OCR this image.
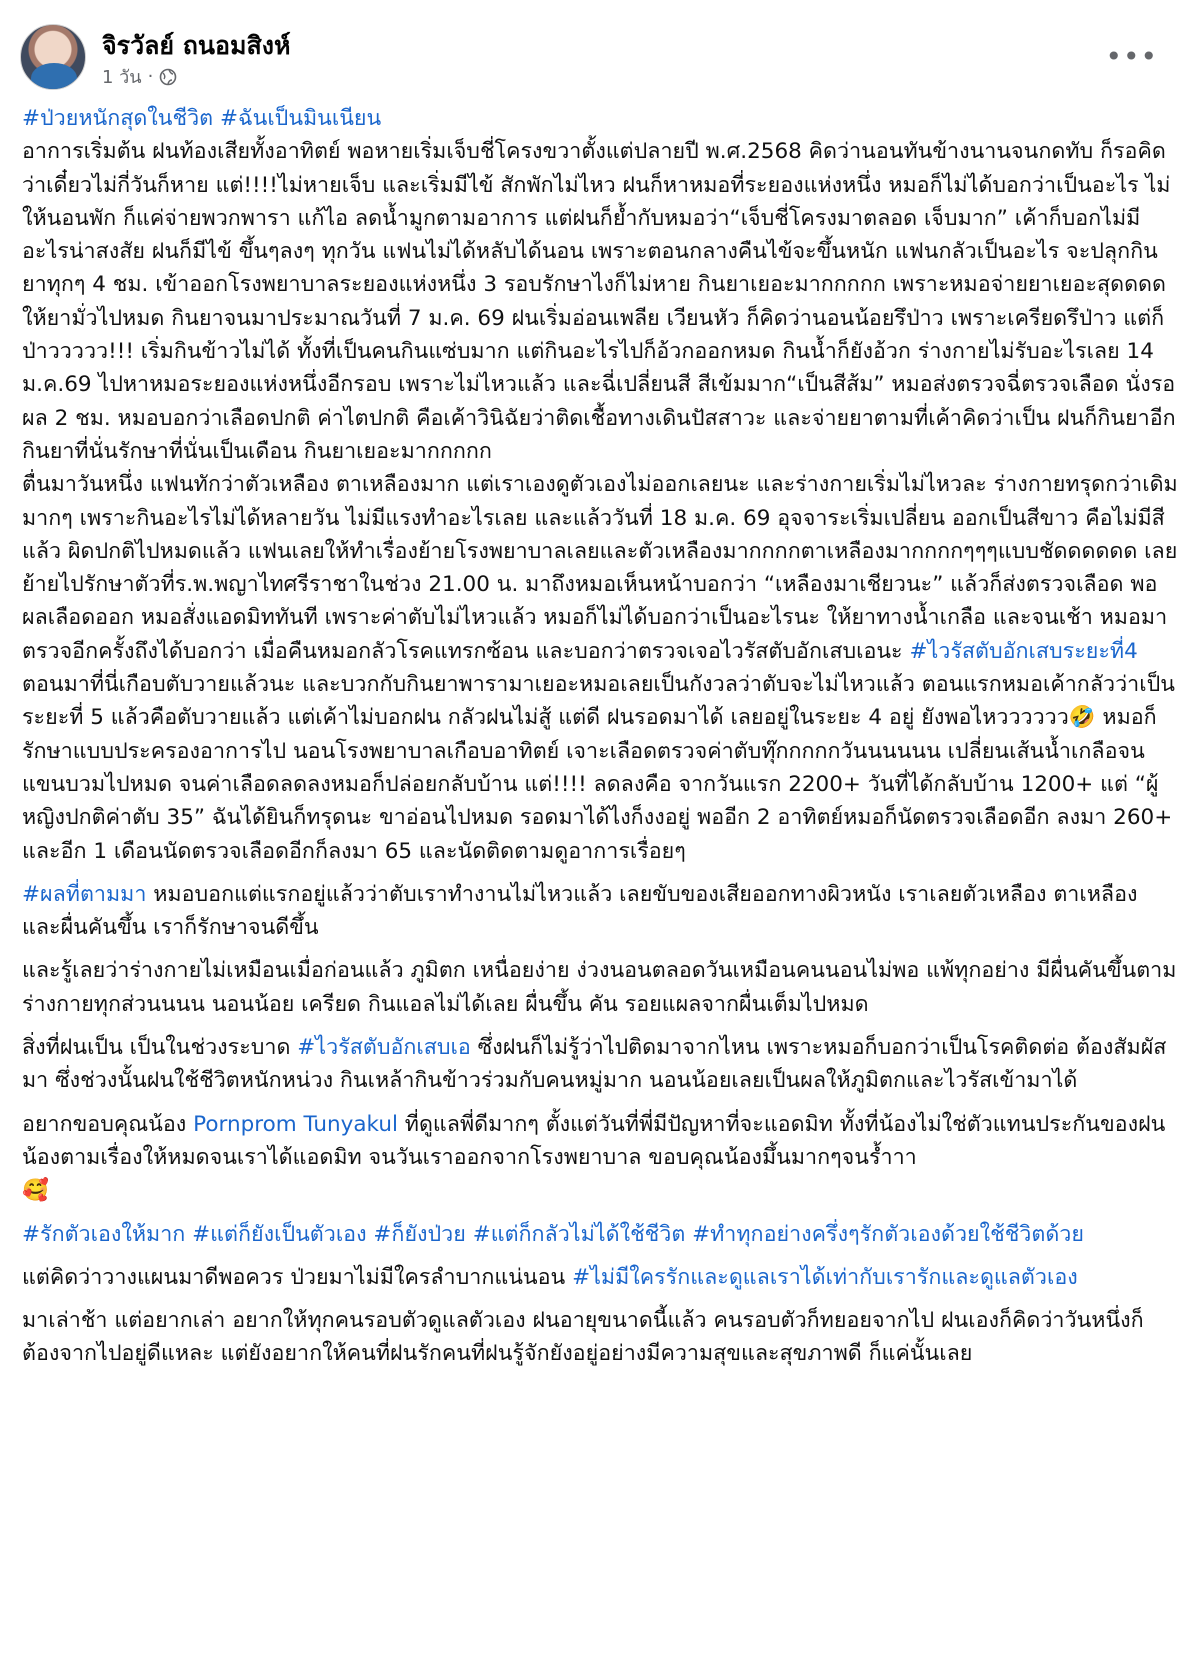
จิรวัลย์ ถนอมสิงห์
1 วัน ·
•••

#ป่วยหนักสุดในชีวิต #ฉันเป็นมินเนียน
อาการเริ่มต้น ฝนท้องเสียทั้งอาทิตย์ พอหายเริ่มเจ็บชี่โครงขวาตั้งแต่ปลายปี พ.ศ.2568 คิดว่านอนทันข้างนานจนกดทับ ก็รอคิดว่าเดี๋ยวไม่กี่วันก็หาย แต่!!!!ไม่หายเจ็บ และเริ่มมีไข้ สักพักไม่ไหว ฝนก็หาหมอที่ระยองแห่งหนึ่ง หมอก็ไม่ได้บอกว่าเป็นอะไร ไม่ให้นอนพัก ก็แค่จ่ายพวกพารา แก้ไอ ลดน้ำมูกตามอาการ แต่ฝนก็ย้ำกับหมอว่า“เจ็บชี่โครงมาตลอด เจ็บมาก” เค้าก็บอกไม่มีอะไรน่าสงสัย ฝนก็มีไข้ ขึ้นๆลงๆ ทุกวัน แฟนไม่ได้หลับได้นอน เพราะตอนกลางคืนไข้จะขึ้นหนัก แฟนกลัวเป็นอะไร จะปลุกกินยาทุกๆ 4 ชม. เข้าออกโรงพยาบาลระยองแห่งหนึ่ง 3 รอบรักษาไงก็ไม่หาย กินยาเยอะมากกกกก เพราะหมอจ่ายยาเยอะสุดดดด ให้ยามั่วไปหมด กินยาจนมาประมาณวันที่ 7 ม.ค. 69 ฝนเริ่มอ่อนเพลีย เวียนหัว ก็คิดว่านอนน้อยรึป่าว เพราะเครียดรึป่าว แต่ก็ป่าววววว!!! เริ่มกินข้าวไม่ได้ ทั้งที่เป็นคนกินแซ่บมาก แต่กินอะไรไปก็อ้วกออกหมด กินน้ำก็ยังอ้วก ร่างกายไม่รับอะไรเลย 14 ม.ค.69 ไปหาหมอระยองแห่งหนึ่งอีกรอบ เพราะไม่ไหวแล้ว และฉี่เปลี่ยนสี สีเข้มมาก“เป็นสีส้ม” หมอส่งตรวจฉี่ตรวจเลือด นั่งรอผล 2 ชม. หมอบอกว่าเลือดปกติ ค่าไตปกติ คือเค้าวินิฉัยว่าติดเชื้อทางเดินปัสสาวะ และจ่ายยาตามที่เค้าคิดว่าเป็น ฝนก็กินยาอีก กินยาที่นั่นรักษาที่นั่นเป็นเดือน กินยาเยอะมากกกกก
ตื่นมาวันหนึ่ง แฟนทักว่าตัวเหลือง ตาเหลืองมาก แต่เราเองดูตัวเองไม่ออกเลยนะ และร่างกายเริ่มไม่ไหวละ ร่างกายทรุดกว่าเดิมมากๆ เพราะกินอะไรไม่ได้หลายวัน ไม่มีแรงทำอะไรเลย และแล้ววันที่ 18 ม.ค. 69 อุจจาระเริ่มเปลี่ยน ออกเป็นสีขาว คือไม่มีสีแล้ว ผิดปกติไปหมดแล้ว แฟนเลยให้ทำเรื่องย้ายโรงพยาบาลเลยและตัวเหลืองมากกกกตาเหลืองมากกกกๆๆๆแบบชัดดดดดด เลยย้ายไปรักษาตัวที่ร.พ.พญาไทศรีราชาในช่วง 21.00 น. มาถึงหมอเห็นหน้าบอกว่า “เหลืองมาเชียวนะ” แล้วก็ส่งตรวจเลือด พอผลเลือดออก หมอสั่งแอดมิททันที เพราะค่าตับไม่ไหวแล้ว หมอก็ไม่ได้บอกว่าเป็นอะไรนะ ให้ยาทางน้ำเกลือ และจนเช้า หมอมาตรวจอีกครั้งถึงได้บอกว่า เมื่อคืนหมอกลัวโรคแทรกซ้อน และบอกว่าตรวจเจอไวรัสตับอักเสบเอนะ #ไวรัสตับอักเสบระยะที่4 ตอนมาที่นี่เกือบตับวายแล้วนะ และบวกกับกินยาพารามาเยอะหมอเลยเป็นกังวลว่าตับจะไม่ไหวแล้ว ตอนแรกหมอเค้ากลัวว่าเป็นระยะที่ 5 แล้วคือตับวายแล้ว แต่เค้าไม่บอกฝน กลัวฝนไม่สู้ แต่ดี ฝนรอดมาได้ เลยอยู่ในระยะ 4 อยู่ ยังพอไหวววววว🤣 หมอก็รักษาแบบประครองอาการไป นอนโรงพยาบาลเกือบอาทิตย์ เจาะเลือดตรวจค่าตับทุ๊กกกกกวันนนนนน เปลี่ยนเส้นน้ำเกลือจนแขนบวมไปหมด จนค่าเลือดลดลงหมอก็ปล่อยกลับบ้าน แต่!!!! ลดลงคือ จากวันแรก 2200+ วันที่ได้กลับบ้าน 1200+ แต่ “ผู้หญิงปกติค่าตับ 35” ฉันได้ยินก็ทรุดนะ ขาอ่อนไปหมด รอดมาได้ไงก็งงอยู่ พออีก 2 อาทิตย์หมอก็นัดตรวจเลือดอีก ลงมา 260+ และอีก 1 เดือนนัดตรวจเลือดอีกก็ลงมา 65 และนัดติดตามดูอาการเรื่อยๆ

#ผลที่ตามมา หมอบอกแต่แรกอยู่แล้วว่าตับเราทำงานไม่ไหวแล้ว เลยขับของเสียออกทางผิวหนัง เราเลยตัวเหลือง ตาเหลือง และผื่นคันขึ้น เราก็รักษาจนดีขึ้น

และรู้เลยว่าร่างกายไม่เหมือนเมื่อก่อนแล้ว ภูมิตก เหนื่อยง่าย ง่วงนอนตลอดวันเหมือนคนนอนไม่พอ แพ้ทุกอย่าง มีผื่นคันขึ้นตามร่างกายทุกส่วนนนน นอนน้อย เครียด กินแอลไม่ได้เลย ผื่นขึ้น คัน รอยแผลจากผื่นเต็มไปหมด

สิ่งที่ฝนเป็น เป็นในช่วงระบาด #ไวรัสตับอักเสบเอ ซึ่งฝนก็ไม่รู้ว่าไปติดมาจากไหน เพราะหมอก็บอกว่าเป็นโรคติดต่อ ต้องสัมผัสมา ซึ่งช่วงนั้นฝนใช้ชีวิตหนักหน่วง กินเหล้ากินข้าวร่วมกับคนหมู่มาก นอนน้อยเลยเป็นผลให้ภูมิตกและไวรัสเข้ามาได้

อยากขอบคุณน้อง Pornprom Tunyakul ที่ดูแลพี่ดีมากๆ ตั้งแต่วันที่พี่มีปัญหาที่จะแอดมิท ทั้งที่น้องไม่ใช่ตัวแทนประกันของฝน น้องตามเรื่องให้หมดจนเราได้แอดมิท จนวันเราออกจากโรงพยาบาล ขอบคุณน้องมึ้นมากๆจนร้ำาา
🥰

#รักตัวเองให้มาก #แต่ก็ยังเป็นตัวเอง #ก็ยังป่วย #แต่ก็กลัวไม่ได้ใช้ชีวิต #ทำทุกอย่างครึ่งๆรักตัวเองด้วยใช้ชีวิตด้วย

แต่คิดว่าวางแผนมาดีพอควร ป่วยมาไม่มีใครลำบากแน่นอน #ไม่มีใครรักและดูแลเราได้เท่ากับเรารักและดูแลตัวเอง

มาเล่าช้า แต่อยากเล่า อยากให้ทุกคนรอบตัวดูแลตัวเอง ฝนอายุขนาดนี้แล้ว คนรอบตัวก็ทยอยจากไป ฝนเองก็คิดว่าวันหนึ่งก็ต้องจากไปอยู่ดีแหละ แต่ยังอยากให้คนที่ฝนรักคนที่ฝนรู้จักยังอยู่อย่างมีความสุขและสุขภาพดี ก็แค่นั้นเลย
